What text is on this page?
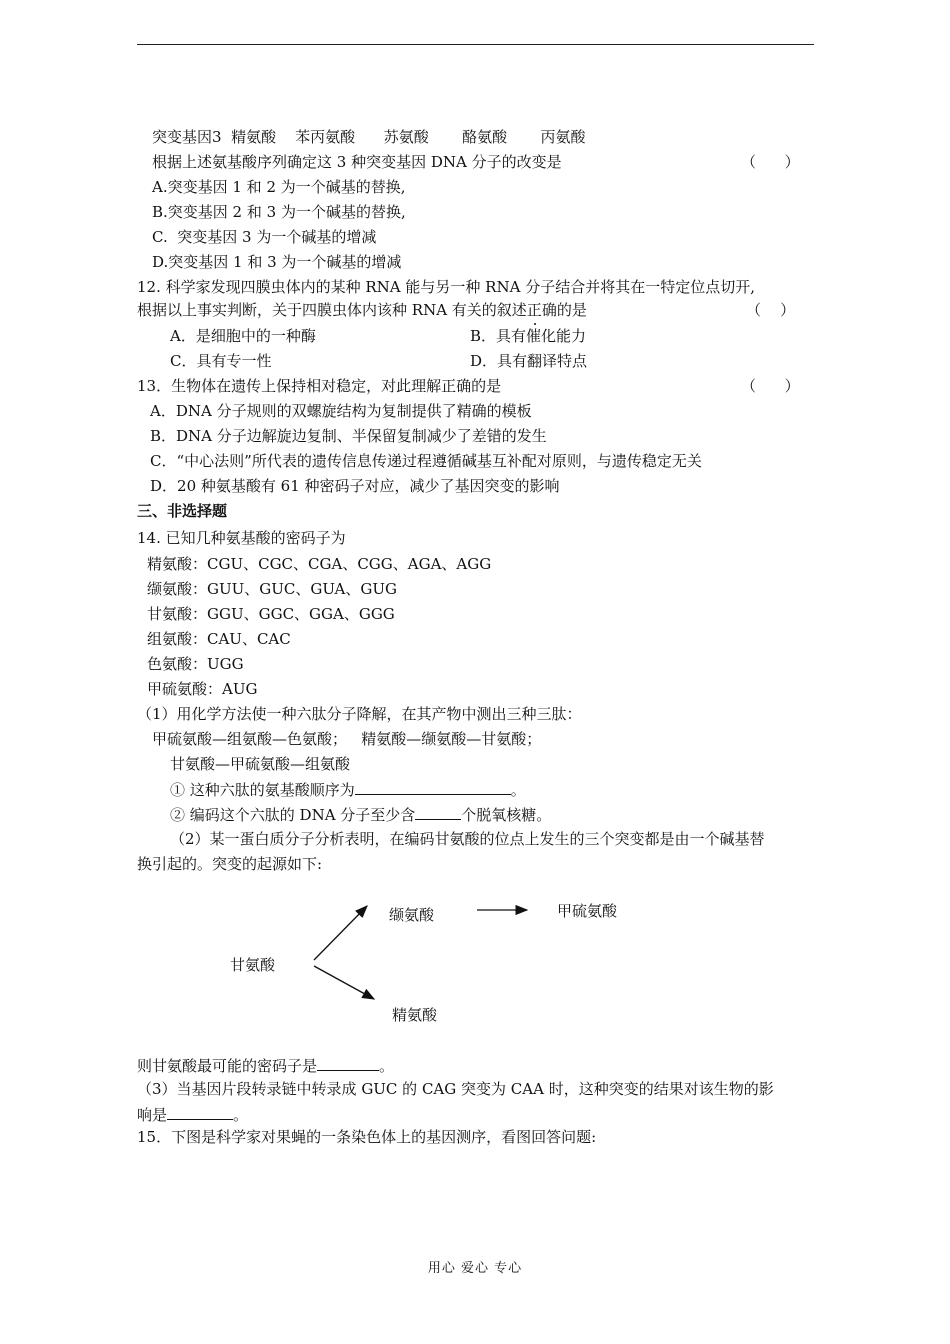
突变基因3  精氨酸    苯丙氨酸      苏氨酸       酪氨酸       丙氨酸
根据上述氨基酸序列确定这 3 种突变基因 DNA 分子的改变是	（      ）
A.突变基因 1 和 2 为一个碱基的替换,
B.突变基因 2 和 3 为一个碱基的替换,
C.  突变基因 3 为一个碱基的增减
D.突变基因 1 和 3 为一个碱基的增减
12. 科学家发现四膜虫体内的某种 RNA 能与另一种 RNA 分子结合并将其在一特定位点切开,
根据以上事实判断，关于四膜虫体内该种 RNA 有关的叙述正确的是	（    ）
A．是细胞中的一种酶	B．具有催化能力
C．具有专一性	D．具有翻译特点
13．生物体在遗传上保持相对稳定，对此理解正确的是	（      ）
A．DNA 分子规则的双螺旋结构为复制提供了精确的模板
B．DNA 分子边解旋边复制、半保留复制减少了差错的发生
C．“中心法则”所代表的遗传信息传递过程遵循碱基互补配对原则，与遗传稳定无关
D．20 种氨基酸有 61 种密码子对应，减少了基因突变的影响
三、非选择题
14. 已知几种氨基酸的密码子为
精氨酸：CGU、CGC、CGA、CGG、AGA、AGG
缬氨酸：GUU、GUC、GUA、GUG
甘氨酸：GGU、GGC、GGA、GGG
组氨酸：CAU、CAC
色氨酸：UGG
甲硫氨酸：AUG
（1）用化学方法使一种六肽分子降解，在其产物中测出三种三肽：
甲硫氨酸—组氨酸—色氨酸；   精氨酸—缬氨酸—甘氨酸；
甘氨酸—甲硫氨酸—组氨酸
① 这种六肽的氨基酸顺序为	。
② 编码这个六肽的 DNA 分子至少含	个脱氧核糖。
（2）某一蛋白质分子分析表明，在编码甘氨酸的位点上发生的三个突变都是由一个碱基替
换引起的。突变的起源如下:
甘氨酸
缬氨酸	甲硫氨酸
精氨酸
则甘氨酸最可能的密码子是	。
（3）当基因片段转录链中转录成 GUC 的 CAG 突变为 CAA 时，这种突变的结果对该生物的影
响是	。
15．下图是科学家对果蝇的一条染色体上的基因测序，看图回答问题:
用心 爱心 专心
